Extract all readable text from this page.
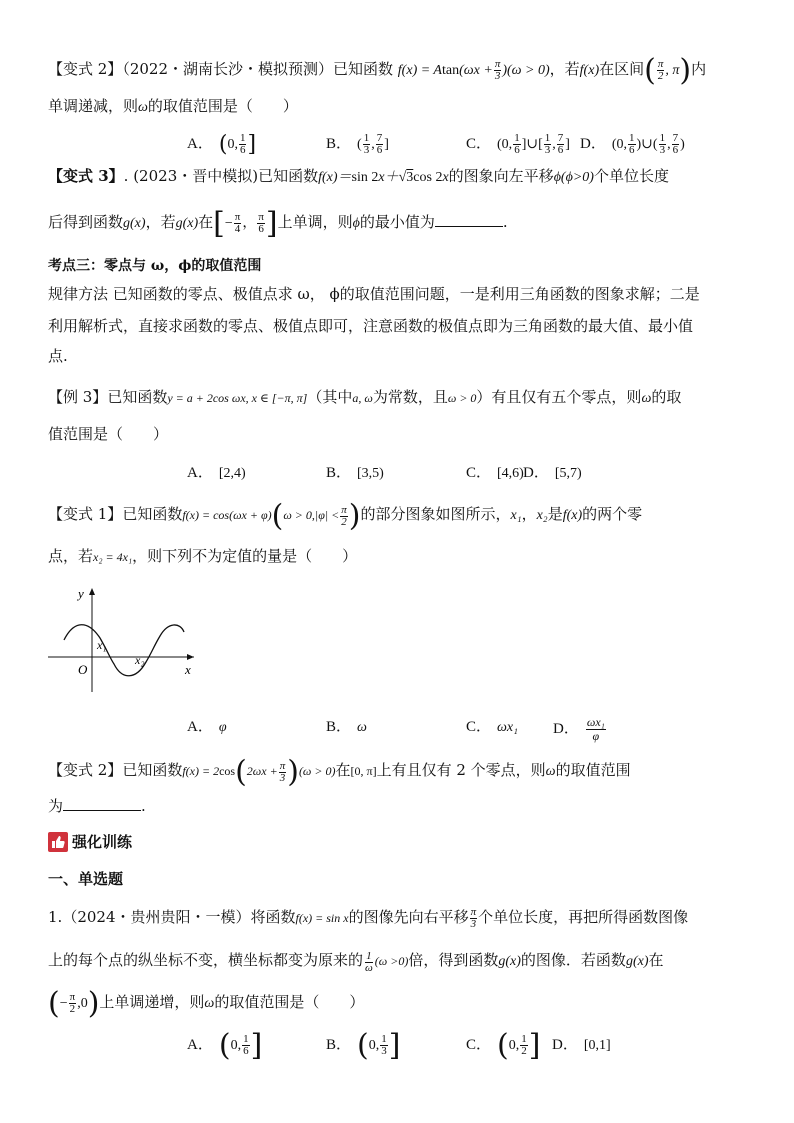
【变式 2】（2022・湖南长沙・模拟预测）已知函数 $f(x) = Atan(\omega x + \frac{\pi}{3} )(\omega > 0)$，若f(x)在区间( $\frac{\pi}{2}$ , π)内
单调递减，则ω的取值范围是（　　）
A． (0, $\frac{1}{6}$ ]	B． ( $\frac{1}{3}$ , $\frac{7}{6}$ ]	C． (0, $\frac{1}{6}$ ]∪[ $\frac{1}{3}$ , $\frac{7}{6}$ ] D． (0, $\frac{1}{6}$ )∪( $\frac{1}{3}$ , $\frac{7}{6}$ )
【变式 3】. (2023・晋中模拟)已知函数f(x)＝sin 2x＋√3cos 2x的图象向左平移ϕ(ϕ>0)个单位长度
后得到函数g(x)，若g(x)在[− $\frac{\pi}{4}$ ， $\frac{\pi}{6}$ ]上单调，则ϕ的最小值为	.
考点三：零点与 ω，ϕ的取值范围
规律方法 已知函数的零点、极值点求 ω， ϕ的取值范围问题，一是利用三角函数的图象求解；二是
利用解析式，直接求函数的零点、极值点即可，注意函数的极值点即为三角函数的最大值、最小值
点.
【例 3】已知函数y = a + 2cos ωx, x ∈ [−π, π]（其中a, ω为常数，且ω > 0）有且仅有五个零点，则ω的取
值范围是（　　）
A． [2,4)	B． [3,5)	C． [4,6) D． [5,7)
【变式 1】已知函数$f(x) = \cos(\omega x + \varphi)(\omega > 0,|\varphi| < \frac{\pi}{2}$ )的部分图象如图所示，x₁，x₂是f(x)的两个零
点，若x₂ = 4x₁，则下列不为定值的量是（　　）
y
x
O
x₁
x₂
A． φ	B． ω	C． ωx₁ D． $\frac{\text{ωx₁}}{\varphi}$
【变式 2】已知函数$f(x) = 2\cos(2\omega x + \frac{\pi}{3} )(\omega > 0)$在[0, π]上有且仅有 2 个零点，则ω的取值范围
为	.
强化训练
一、单选题
1.（2024・贵州贵阳・一模）将函数f(x) = sin x的图像先向右平移 $\frac{\pi}{3}$ 个单位长度，再把所得函数图像
上的每个点的纵坐标不变，横坐标都变为原来的 $\frac{1}{\omega} (\omega >0)$倍，得到函数g(x)的图像．若函数g(x)在
(− $\frac{\pi}{2} ,0$)上单调递增，则ω的取值范围是（　　）
A． (0, $\frac{1}{6}$ ]	B． (0, $\frac{1}{3}$ ]	C． (0, $\frac{1}{2}$ ] D． [0,1]
